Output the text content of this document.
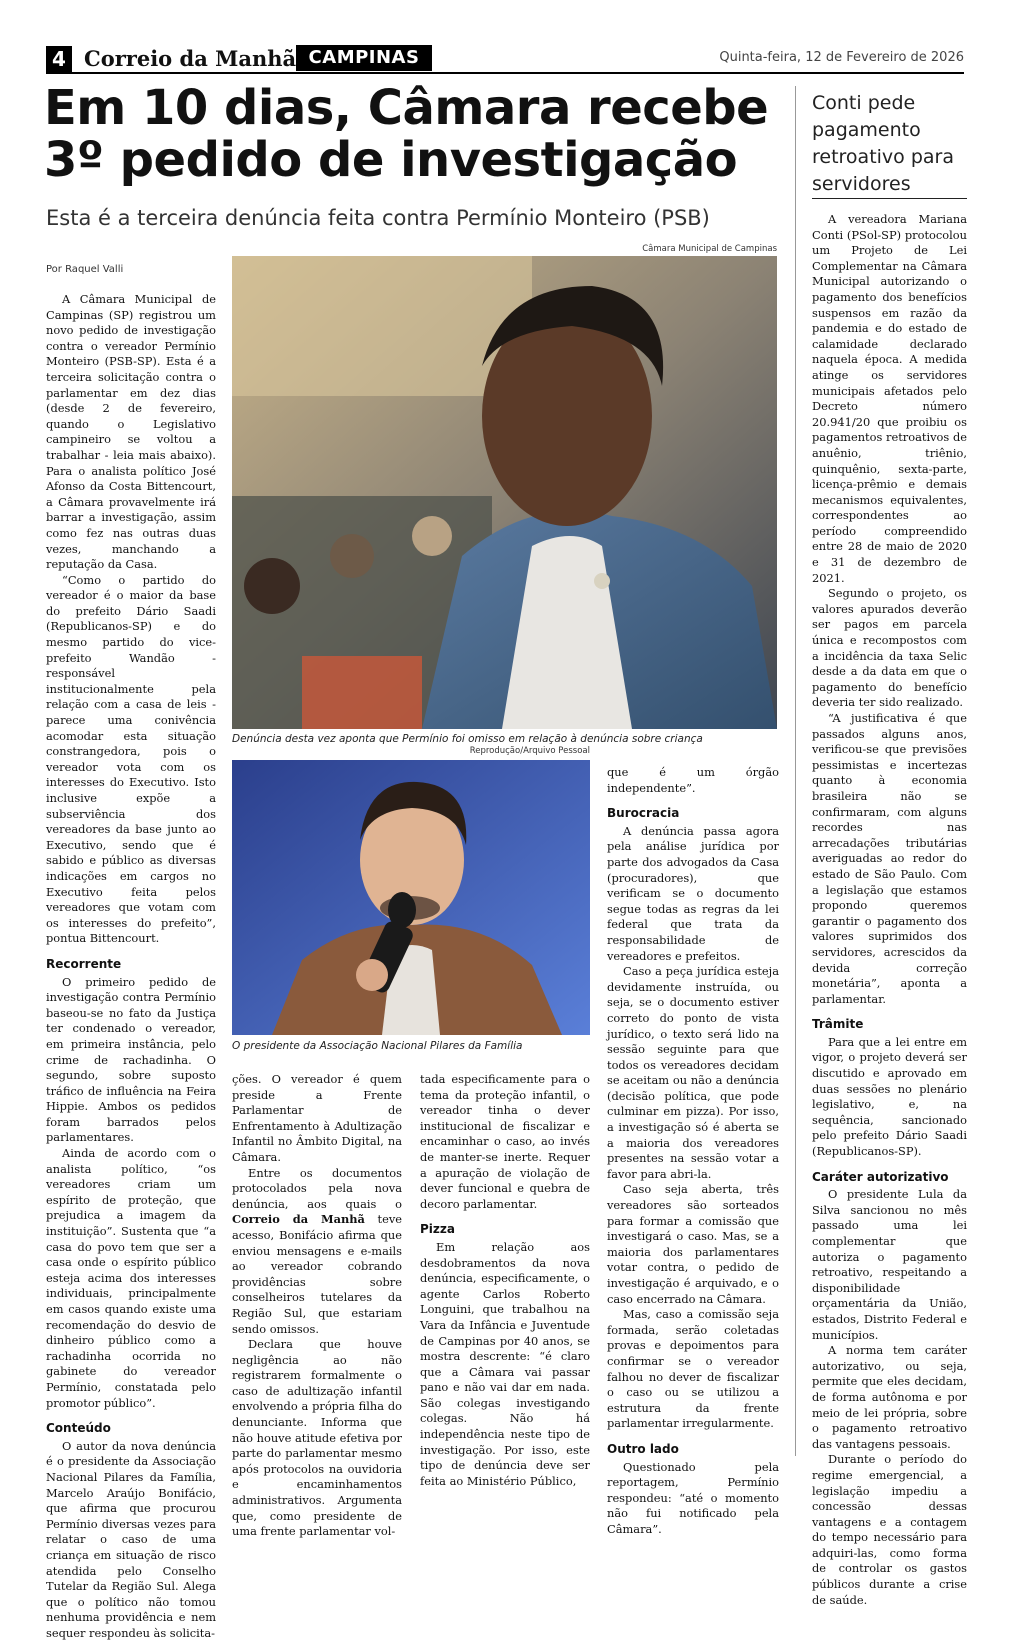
4 Correio da Manhã CAMPINAS	Quinta-feira, 12 de Fevereiro de 2026
Em 10 dias, Câmara recebe 3º pedido de investigação
Esta é a terceira denúncia feita contra Permínio Monteiro (PSB)
Por Raquel Valli
Câmara Municipal de Campinas
Denúncia desta vez aponta que Permínio foi omisso em relação à denúncia sobre criança
Reprodução/Arquivo Pessoal
O presidente da Associação Nacional Pilares da Família

A Câmara Municipal de Campinas (SP) registrou um novo pedido de investigação contra o vereador Permínio Monteiro (PSB-SP). Esta é a terceira solicitação contra o parlamentar em dez dias (desde 2 de fevereiro, quando o Legislativo campineiro se voltou a trabalhar - leia mais abaixo). Para o analista político José Afonso da Costa Bittencourt, a Câmara provavelmente irá barrar a investigação, assim como fez nas outras duas vezes, manchando a reputação da Casa.

“Como o partido do vereador é o maior da base do prefeito Dário Saadi (Republicanos-SP) e do mesmo partido do vice-prefeito Wandão - responsável institucionalmente pela relação com a casa de leis - parece uma conivência acomodar esta situação constrangedora, pois o vereador vota com os interesses do Executivo. Isto inclusive expõe a subserviência dos vereadores da base junto ao Executivo, sendo que é sabido e público as diversas indicações em cargos no Executivo feita pelos vereadores que votam com os interesses do prefeito”, pontua Bittencourt.

Recorrente

O primeiro pedido de investigação contra Permínio baseou-se no fato da Justiça ter condenado o vereador, em primeira instância, pelo crime de rachadinha. O segundo, sobre suposto tráfico de influência na Feira Hippie. Ambos os pedidos foram barrados pelos parlamentares.

Ainda de acordo com o analista político, “os vereadores criam um espírito de proteção, que prejudica a imagem da instituição”. Sustenta que “a casa do povo tem que ser a casa onde o espírito público esteja acima dos interesses individuais, principalmente em casos quando existe uma recomendação do desvio de dinheiro público como a rachadinha ocorrida no gabinete do vereador Permínio, constatada pelo promotor público”.

Conteúdo

O autor da nova denúncia é o presidente da Associação Nacional Pilares da Família, Marcelo Araújo Bonifácio, que afirma que procurou Permínio diversas vezes para relatar o caso de uma criança em situação de risco atendida pelo Conselho Tutelar da Região Sul. Alega que o político não tomou nenhuma providência e nem sequer respondeu às solicita-

ções. O vereador é quem preside a Frente Parlamentar de Enfrentamento à Adultização Infantil no Âmbito Digital, na Câmara.

Entre os documentos protocolados pela nova denúncia, aos quais o Correio da Manhã teve acesso, Bonifácio afirma que enviou mensagens e e-mails ao vereador cobrando providências sobre conselheiros tutelares da Região Sul, que estariam sendo omissos.

Declara que houve negligência ao não registrarem formalmente o caso de adultização infantil envolvendo a própria filha do denunciante. Informa que não houve atitude efetiva por parte do parlamentar mesmo após protocolos na ouvidoria e encaminhamentos administrativos. Argumenta que, como presidente de uma frente parlamentar vol-

tada especificamente para o tema da proteção infantil, o vereador tinha o dever institucional de fiscalizar e encaminhar o caso, ao invés de manter-se inerte. Requer a apuração de violação de dever funcional e quebra de decoro parlamentar.

Pizza

Em relação aos desdobramentos da nova denúncia, especificamente, o agente Carlos Roberto Longuini, que trabalhou na Vara da Infância e Juventude de Campinas por 40 anos, se mostra descrente: “é claro que a Câmara vai passar pano e não vai dar em nada. São colegas investigando colegas. Não há independência neste tipo de investigação. Por isso, este tipo de denúncia deve ser feita ao Ministério Público,

que é um órgão independente”.

Burocracia

A denúncia passa agora pela análise jurídica por parte dos advogados da Casa (procuradores), que verificam se o documento segue todas as regras da lei federal que trata da responsabilidade de vereadores e prefeitos.

Caso a peça jurídica esteja devidamente instruída, ou seja, se o documento estiver correto do ponto de vista jurídico, o texto será lido na sessão seguinte para que todos os vereadores decidam se aceitam ou não a denúncia (decisão política, que pode culminar em pizza). Por isso, a investigação só é aberta se a maioria dos vereadores presentes na sessão votar a favor para abri-la.

Caso seja aberta, três vereadores são sorteados para formar a comissão que investigará o caso. Mas, se a maioria dos parlamentares votar contra, o pedido de investigação é arquivado, e o caso encerrado na Câmara.

Mas, caso a comissão seja formada, serão coletadas provas e depoimentos para confirmar se o vereador falhou no dever de fiscalizar o caso ou se utilizou a estrutura da frente parlamentar irregularmente.

Outro lado

Questionado pela reportagem, Permínio respondeu: “até o momento não fui notificado pela Câmara”.

Conti pede pagamento retroativo para servidores

A vereadora Mariana Conti (PSol-SP) protocolou um Projeto de Lei Complementar na Câmara Municipal autorizando o pagamento dos benefícios suspensos em razão da pandemia e do estado de calamidade declarado naquela época. A medida atinge os servidores municipais afetados pelo Decreto número 20.941/20 que proibiu os pagamentos retroativos de anuênio, triênio, quinquênio, sexta-parte, licença-prêmio e demais mecanismos equivalentes, correspondentes ao período compreendido entre 28 de maio de 2020 e 31 de dezembro de 2021.

Segundo o projeto, os valores apurados deverão ser pagos em parcela única e recompostos com a incidência da taxa Selic desde a da data em que o pagamento do benefício deveria ter sido realizado.

“A justificativa é que passados alguns anos, verificou-se que previsões pessimistas e incertezas quanto à economia brasileira não se confirmaram, com alguns recordes nas arrecadações tributárias averiguadas ao redor do estado de São Paulo. Com a legislação que estamos propondo queremos garantir o pagamento dos valores suprimidos dos servidores, acrescidos da devida correção monetária”, aponta a parlamentar.

Trâmite

Para que a lei entre em vigor, o projeto deverá ser discutido e aprovado em duas sessões no plenário legislativo, e, na sequência, sancionado pelo prefeito Dário Saadi (Republicanos-SP).

Caráter autorizativo

O presidente Lula da Silva sancionou no mês passado uma lei complementar que autoriza o pagamento retroativo, respeitando a disponibilidade orçamentária da União, estados, Distrito Federal e municípios.

A norma tem caráter autorizativo, ou seja, permite que eles decidam, de forma autônoma e por meio de lei própria, sobre o pagamento retroativo das vantagens pessoais.

Durante o período do regime emergencial, a legislação impediu a concessão dessas vantagens e a contagem do tempo necessário para adquiri-las, como forma de controlar os gastos públicos durante a crise de saúde.
